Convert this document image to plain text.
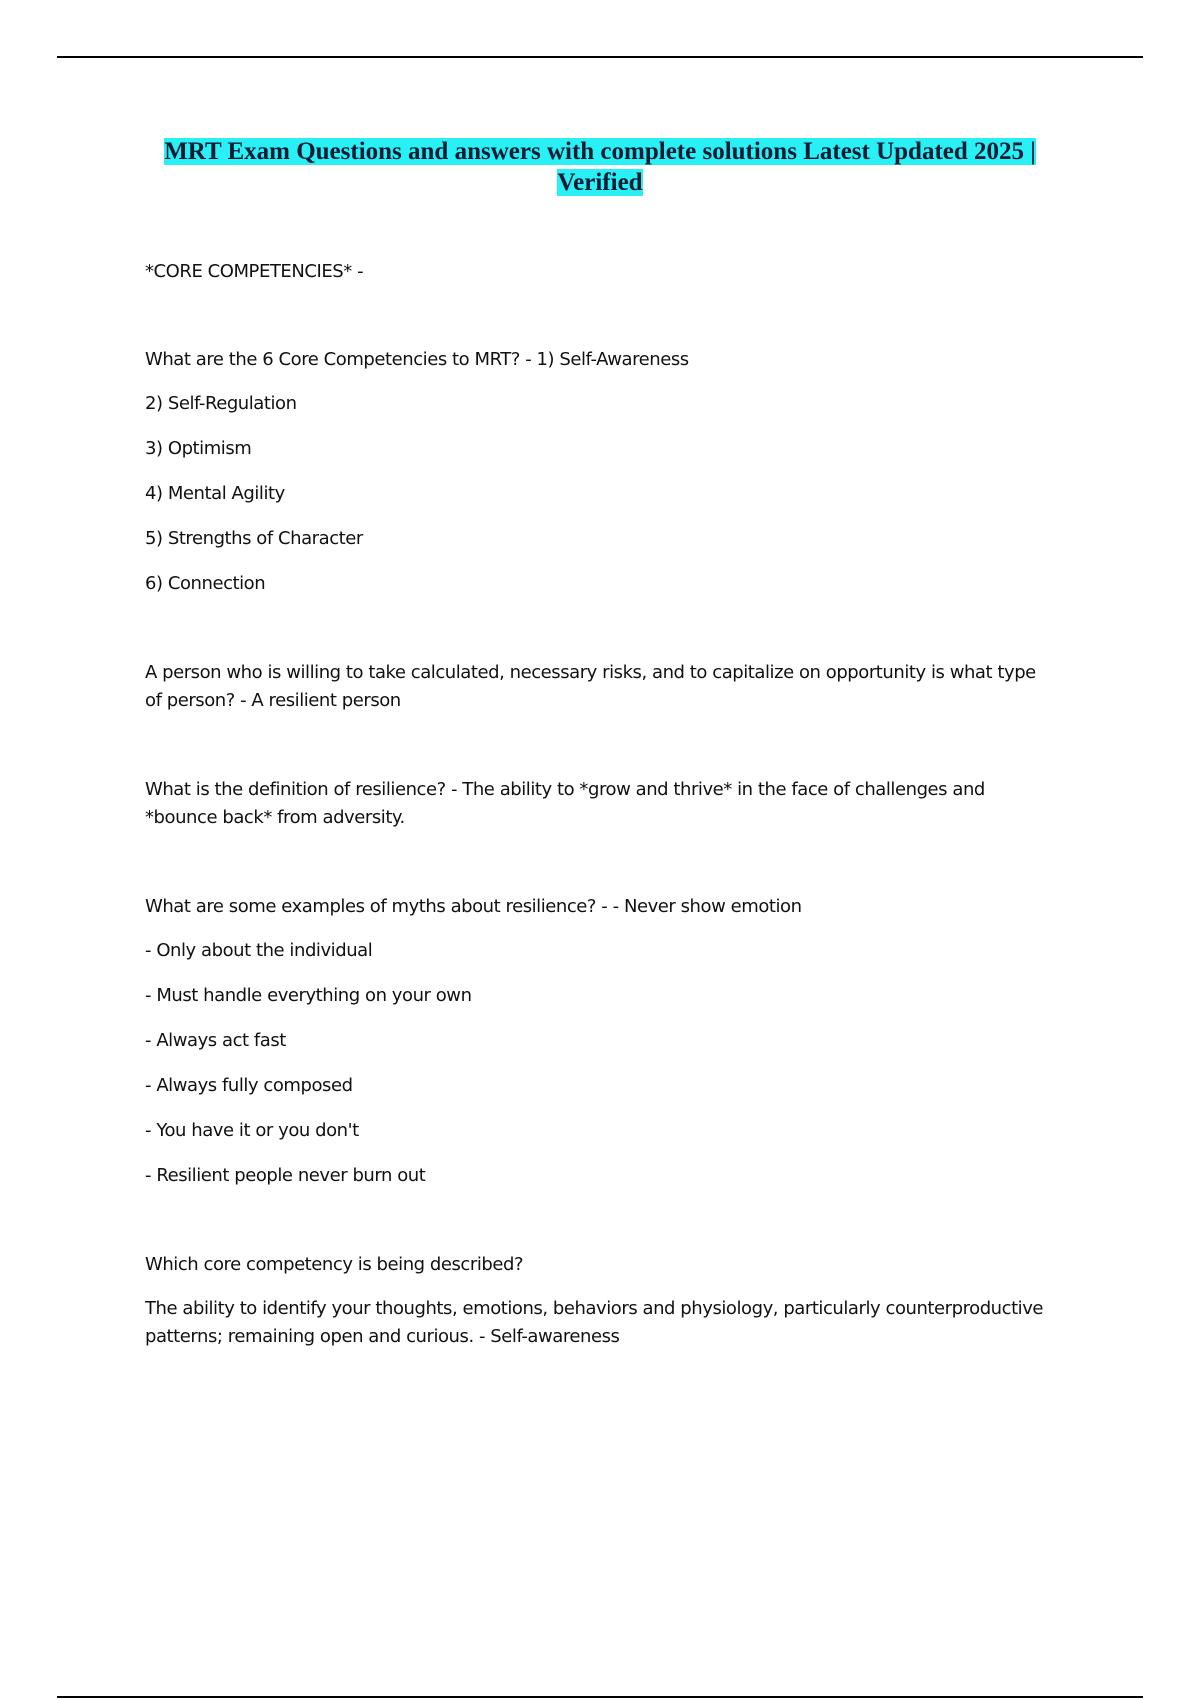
MRT Exam Questions and answers with complete solutions Latest Updated 2025 |
Verified

*CORE COMPETENCIES* -

What are the 6 Core Competencies to MRT? - 1) Self-Awareness

2) Self-Regulation

3) Optimism

4) Mental Agility

5) Strengths of Character

6) Connection

A person who is willing to take calculated, necessary risks, and to capitalize on opportunity is what type
of person? - A resilient person

What is the definition of resilience? - The ability to *grow and thrive* in the face of challenges and
*bounce back* from adversity.

What are some examples of myths about resilience? - - Never show emotion

- Only about the individual

- Must handle everything on your own

- Always act fast

- Always fully composed

- You have it or you don't

- Resilient people never burn out

Which core competency is being described?

The ability to identify your thoughts, emotions, behaviors and physiology, particularly counterproductive
patterns; remaining open and curious. - Self-awareness
